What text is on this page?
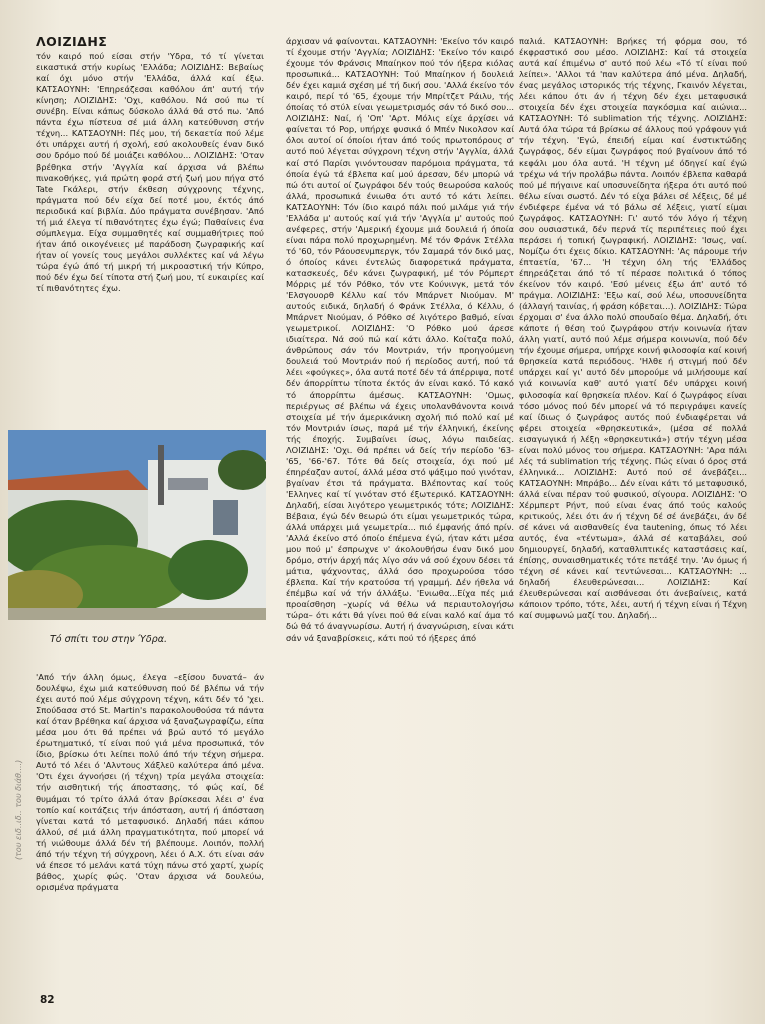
ΛΟΙΖΙΔΗΣ

τόν καιρό πού είσαι στήν 'Υδρα, τό τί γίνεται εικαστικά στήν κυρίως 'Ελλάδα; ΛΟΙΖΙΔΗΣ: Βεβαίως καί όχι μόνο στήν 'Ελλάδα, άλλά καί έξω. ΚΑΤΣΑΟΥΝΗ: 'Επηρεάζεσαι καθόλου άπ' αυτή τήν κίνηση; ΛΟΙΖΙΔΗΣ: 'Οχι, καθόλου. Νά σού πω τί συνέβη. Είναι κάπως δύσκολο άλλά θά στό πω. 'Από πάντα έχω πίστευα σέ μιά άλλη κατεύθυνση στήν τέχνη... ΚΑΤΣΑΟΥΝΗ: Πές μου, τή δεκαετία πού λέμε ότι υπάρχει αυτή ή σχολή, εσύ ακολουθείς έναν δικό σου δρόμο πού δέ μοιάζει καθόλου... ΛΟΙΖΙΔΗΣ: 'Οταν βρέθηκα στήν 'Αγγλία καί άρχισα νά βλέπω πινακοθήκες, γιά πρώτη φορά στή ζωή μου πήγα στό Tate Γκάλερι, στήν έκθεση σύγχρονης τέχνης, πράγματα πού δέν είχα δεί ποτέ μου, έκτός άπό περιοδικά καί βιβλία. Δύο πράγματα συνέβησαν. 'Από τή μιά έλεγα τί πιθανότητες έχω έγώ; Παθαίνεις ένα σύμπλεγμα. Είχα συμμαθητές καί συμμαθήτριες πού ήταν άπό οικογένειες μέ παράδοση ζωγραφικής καί ήταν οί γονείς τους μεγάλοι συλλέκτες καί νά λέγω τώρα έγώ άπό τή μικρή τή μικροαστική τήν Κύπρο, πού δέν έχω δεί τίποτα στή ζωή μου, τί ευκαιρίες καί τί πιθανότητες έχω.

Τό σπίτι του στην Ύδρα.
(του ειδ..ιδ.. του διάθ....)

'Από τήν άλλη όμως, έλεγα –εξίσου δυνατά– άν δουλέψω, έχω μιά κατεύθυνση πού δέ βλέπω νά τήν έχει αυτό πού λέμε σύγχρονη τέχνη, κάτι δέν τό 'χει. Σπούδασα στό St. Martin's παρακολουθούσα τά πάντα καί όταν βρέθηκα καί άρχισα νά ξαναζωγραφίζω, είπα μέσα μου ότι θά πρέπει νά βρώ αυτό τό μεγάλο έρωτηματικό, τί είναι πού γιά μένα προσωπικά, τόν ίδιο, βρίσκω ότι λείπει πολύ άπό τήν τέχνη σήμερα. Αυτό τό λέει ό 'Αλντους Χάξλεϋ καλύτερα άπό μένα. 'Οτι έχει άγνοήσει (ή τέχνη) τρία μεγάλα στοιχεία: τήν αισθητική τής άποστασης, τό φώς καί, δέ θυμάμαι τό τρίτο άλλά όταν βρίσκεσαι λέει σ' ένα τοπίο καί κοιτάζεις τήν άπόσταση, αυτή ή άπόσταση γίνεται κατά τό μεταφυσικό. Δηλαδή πάει κάπου άλλού, σέ μιά άλλη πραγματικότητα, πού μπορεί νά τή νιώθουμε άλλά δέν τή βλέπουμε. Λοιπόν, πολλή άπό τήν τέχνη τή σύγχρονη, λέει ό Α.Χ. ότι είναι σάν νά έπεσε τό μελάνι κατά τύχη πάνω στό χαρτί, χωρίς βάθος, χωρίς φώς. 'Οταν άρχισα νά δουλεύω, ορισμένα πράγματα

άρχισαν νά φαίνονται. ΚΑΤΣΑΟΥΝΗ: 'Εκείνο τόν καιρό τί έχουμε στήν 'Αγγλία; ΛΟΙΖΙΔΗΣ: 'Εκείνο τόν καιρό έχουμε τόν Φράνσις Μπαίηκον πού τόν ήξερα κιόλας προσωπικά... ΚΑΤΣΑΟΥΝΗ: Τού Μπαίηκον ή δουλειά δέν έχει καμιά σχέση μέ τή δική σου. 'Αλλά έκείνο τόν καιρό, περί τό '65, έχουμε τήν Μπρίτζετ Ράιλυ, τής όποίας τό στύλ είναι γεωμετρισμός σάν τό δικό σου... ΛΟΙΖΙΔΗΣ: Ναί, ή 'Οπ' 'Αρτ. Μόλις είχε άρχίσει νά φαίνεται τό Pop, υπήρχε φυσικά ό Μπέν Νικολσον καί όλοι αυτοί οί όποίοι ήταν άπό τούς πρωτοπόρους σ' αυτό πού λέγεται σύγχρονη τέχνη στήν 'Αγγλία, άλλά καί στό Παρίσι γινόντουσαν παρόμοια πράγματα, τά όποία έγώ τά έβλεπα καί μού άρεσαν, δέν μπορώ νά πώ ότι αυτοί οί ζωγράφοι δέν τούς θεωρούσα καλούς άλλά, προσωπικά ένιωθα ότι αυτό τό κάτι λείπει. ΚΑΤΣΑΟΥΝΗ: Τόν ίδιο καιρό πάλι πού μιλάμε γιά τήν 'Ελλάδα μ' αυτούς καί γιά τήν 'Αγγλία μ' αυτούς πού ανέφερες, στήν 'Αμερική έχουμε μιά δουλειά ή όποία είναι πάρα πολύ προχωρημένη. Μέ τόν Φράνκ Στέλλα τό '60, τόν Ράουσενμπεργκ, τόν Σαμαρά τόν δικό μας, ό όποίος κάνει έντελώς διαφορετικά πράγματα, κατασκευές, δέν κάνει ζωγραφική, μέ τόν Ρόμπερτ Μόρρις μέ τόν Ρόθκο, τόν ντε Κούνινγκ, μετά τόν 'Ελσγουορθ Κέλλυ καί τόν Μπάρνετ Νιούμαν. Μ' αυτούς ειδικά, δηλαδή ό Φράνκ Στέλλα, ό Κέλλυ, ό Μπάρνετ Νιούμαν, ό Ρόθκο σέ λιγότερο βαθμό, είναι γεωμετρικοί. ΛΟΙΖΙΔΗΣ: 'Ο Ρόθκο μού άρεσε ιδιαίτερα. Νά σού πώ καί κάτι άλλο. Κοίταζα πολύ, άνθρώπους σάν τόν Μοντριάν, τήν προηγούμενη δουλειά τού Μοντριάν πού ή περίοδος αυτή, πού τά λέει «φούγκες», όλα αυτά ποτέ δέν τά άπέρριψα, ποτέ δέν άπορρίπτω τίποτα έκτός άν είναι κακό. Τό κακό τό άπορρίπτω άμέσως. ΚΑΤΣΑΟΥΝΗ: 'Ομως, περιέργως σέ βλέπω νά έχεις υπολανθάνοντα κοινά στοιχεία μέ τήν άμερικάνικη σχολή πιό πολύ καί μέ τόν Μοντριάν ίσως, παρά μέ τήν έλληνική, έκείνης τής έποχής. Συμβαίνει ίσως, λόγω παιδείας. ΛΟΙΖΙΔΗΣ: 'Οχι. Θά πρέπει νά δείς τήν περίοδο '63-'65, '66-'67. Τότε θά δείς στοιχεία, όχι πού μέ έπηρέαζαν αυτοί, άλλά μέσα στό ψάξιμο πού γινόταν, βγαίναν έτσι τά πράγματα. Βλέποντας καί τούς 'Ελληνες καί τί γινόταν στό έξωτερικό. ΚΑΤΣΑΟΥΝΗ: Δηλαδή, είσαι λιγότερο γεωμετρικός τότε; ΛΟΙΖΙΔΗΣ: Βέβαια, έγώ δέν θεωρώ ότι είμαι γεωμετρικός τώρα, άλλά υπάρχει μιά γεωμετρία... πιό έμφανής άπό πρίν. 'Αλλά έκείνο στό όποίο έπέμενα έγώ, ήταν κάτι μέσα μου πού μ' έσπρωχνε ν' άκολουθήσω έναν δικό μου δρόμο, στήν άρχή πάς λίγο σάν νά σού έχουν δέσει τά μάτια, ψάχνοντας, άλλά όσο προχωρούσα τόσο έβλεπα. Καί τήν κρατούσα τή γραμμή. Δέν ήθελα νά έπέμβω καί νά τήν άλλάξω. 'Ενιωθα...Είχα πές μιά προαίσθηση –χωρίς νά θέλω νά περιαυτολογήσω τώρα– ότι κάτι θά γίνει πού θά είναι καλό καί άμα τό δώ θά τό άναγνωρίσω. Αυτή ή άναγνώριση, είναι κάτι σάν νά ξαναβρίσκεις, κάτι πού τό ήξερες άπό

παλιά. ΚΑΤΣΑΟΥΝΗ: Βρήκες τή φόρμα σου, τό έκφραστικό σου μέσο. ΛΟΙΖΙΔΗΣ: Καί τά στοιχεία αυτά καί έπιμένω σ' αυτό πού λέω «Τό τί είναι πού λείπει». 'Αλλοι τά 'παν καλύτερα άπό μένα. Δηλαδή, ένας μεγάλος ιστορικός τής τέχνης, Γκαινόν λέγεται, λέει κάπου ότι άν ή τέχνη δέν έχει μεταφυσικά στοιχεία δέν έχει στοιχεία παγκόσμια καί αιώνια... ΚΑΤΣΑΟΥΝΗ: Τό sublimation τής τέχνης. ΛΟΙΖΙΔΗΣ: Αυτά όλα τώρα τά βρίσκω σέ άλλους πού γράφουν γιά τήν τέχνη. 'Εγώ, έπειδή είμαι καί ένστικτώδης ζωγράφος, δέν είμαι ζωγράφος πού βγαίνουν άπό τό κεφάλι μου όλα αυτά. 'Η τέχνη μέ όδηγεί καί έγώ τρέχω νά τήν προλάβω πάντα. Λοιπόν έβλεπα καθαρά πού μέ πήγαινε καί υποσυνείδητα ήξερα ότι αυτό πού θέλω είναι σωστό. Δέν τό είχα βάλει σέ λέξεις, δέ μέ ένδιέφερε έμένα νά τό βάλω σέ λέξεις, γιατί είμαι ζωγράφος. ΚΑΤΣΑΟΥΝΗ: Γι' αυτό τόν λόγο ή τέχνη σου ουσιαστικά, δέν περνά τίς περιπέτειες πού έχει περάσει ή τοπική ζωγραφική. ΛΟΙΖΙΔΗΣ: 'Ισως, ναί. Νομίζω ότι έχεις δίκιο. ΚΑΤΣΑΟΥΝΗ: 'Ας πάρουμε τήν έπταετία, '67... 'Η τέχνη όλη τής 'Ελλάδος έπηρεάζεται άπό τό τί πέρασε πολιτικά ό τόπος έκείνον τόν καιρό. 'Εσύ μένεις έξω άπ' αυτό τό πράγμα. ΛΟΙΖΙΔΗΣ: 'Εξω καί, σού λέω, υποσυνείδητα (άλλαγή ταινίας, ή φράση κόβεται...). ΛΟΙΖΙΔΗΣ: Τώρα έρχομαι σ' ένα άλλο πολύ σπουδαίο θέμα. Δηλαδή, ότι κάποτε ή θέση τού ζωγράφου στήν κοινωνία ήταν άλλη γιατί, αυτό πού λέμε σήμερα κοινωνία, πού δέν τήν έχουμε σήμερα, υπήρχε κοινή φιλοσοφία καί κοινή θρησκεία κατά περιόδους. 'Ηλθε ή στιγμή πού δέν υπάρχει καί γι' αυτό δέν μπορούμε νά μιλήσουμε καί γιά κοινωνία καθ' αυτό γιατί δέν υπάρχει κοινή φιλοσοφία καί θρησκεία πλέον. Καί ό ζωγράφος είναι τόσο μόνος πού δέν μπορεί νά τό περιγράψει κανείς καί ίδιως ό ζωγράφος αυτός πού ένδιαφέρεται νά φέρει στοιχεία «θρησκευτικά», (μέσα σέ πολλά εισαγωγικά ή λέξη «θρησκευτικά») στήν τέχνη μέσα είναι πολύ μόνος του σήμερα. ΚΑΤΣΑΟΥΝΗ: 'Αρα πάλι λές τά sublimation τής τέχνης. Πώς είναι ό όρος στά έλληνικά... ΛΟΙΖΙΔΗΣ: Αυτό πού σέ άνεβάζει... ΚΑΤΣΑΟΥΝΗ: Μπράβο... Δέν είναι κάτι τό μεταφυσικό, άλλά είναι πέραν τού φυσικού, σίγουρα. ΛΟΙΖΙΔΗΣ: 'Ο Χέρμπερτ Ρήντ, πού είναι ένας άπό τούς καλούς κριτικούς, λέει ότι άν ή τέχνη δέ σέ άνεβάζει, άν δέ σέ κάνει νά αισθανθείς ένα tautening, όπως τό λέει αυτός, ένα «τέντωμα», άλλά σέ καταβάλει, σού δημιουργεί, δηλαδή, καταθλιπτικές καταστάσεις καί, έπίσης, συναισθηματικές τότε πετάξέ την. 'Αν όμως ή τέχνη σέ κάνει καί τεντώνεσαι... ΚΑΤΣΑΟΥΝΗ: ... δηλαδή έλευθερώνεσαι... ΛΟΙΖΙΔΗΣ: Καί έλευθερώνεσαι καί αισθάνεσαι ότι άνεβαίνεις, κατά κάποιον τρόπο, τότε, λέει, αυτή ή τέχνη είναι ή Τέχνη καί συμφωνώ μαζί του. Δηλαδή...

82
